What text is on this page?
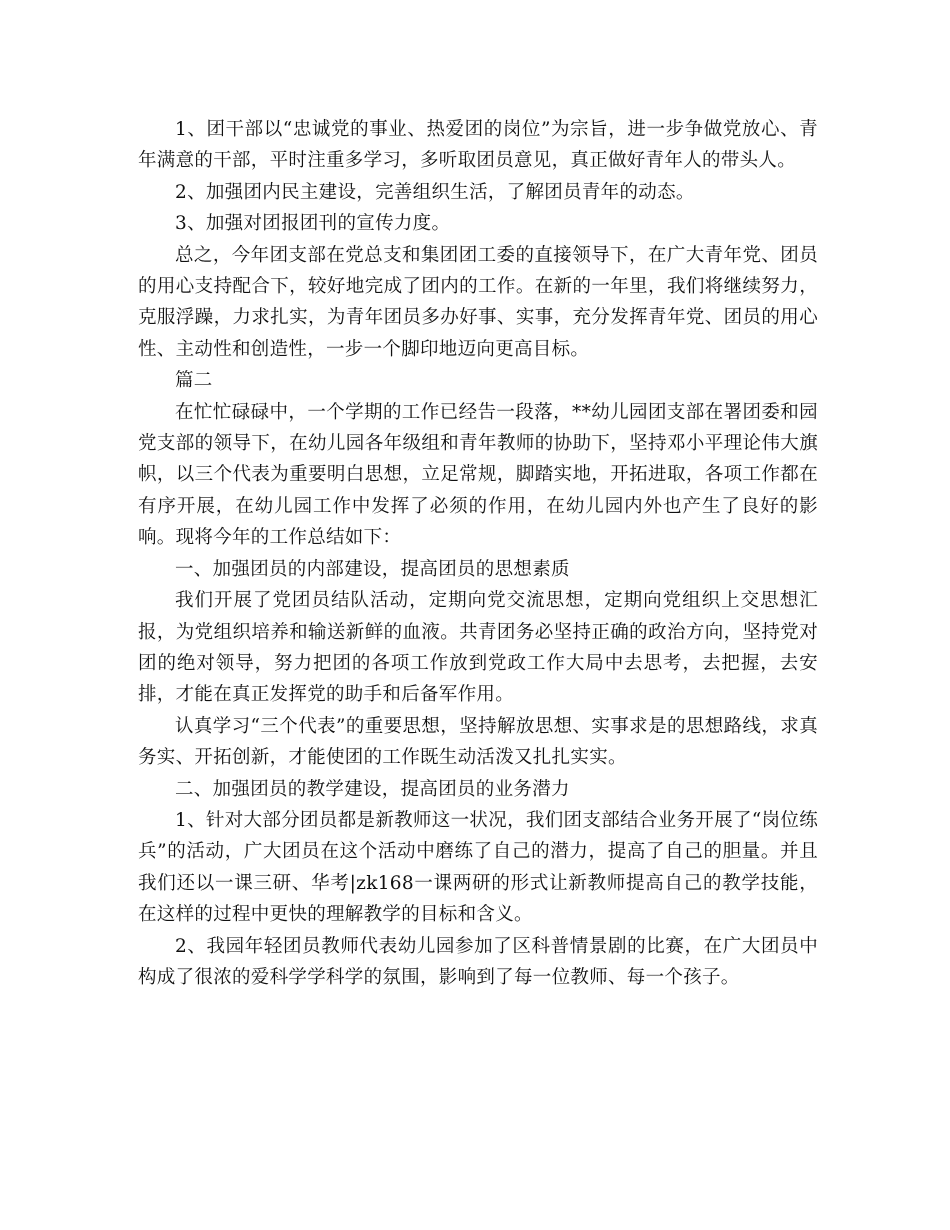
1、团干部以“忠诚党的事业、热爱团的岗位”为宗旨，进一步争做党放心、青年满意的干部，平时注重多学习，多听取团员意见，真正做好青年人的带头人。

2、加强团内民主建设，完善组织生活，了解团员青年的动态。

3、加强对团报团刊的宣传力度。

总之，今年团支部在党总支和集团团工委的直接领导下，在广大青年党、团员的用心支持配合下，较好地完成了团内的工作。在新的一年里，我们将继续努力，克服浮躁，力求扎实，为青年团员多办好事、实事，充分发挥青年党、团员的用心性、主动性和创造性，一步一个脚印地迈向更高目标。

篇二

在忙忙碌碌中，一个学期的工作已经告一段落，**幼儿园团支部在署团委和园党支部的领导下，在幼儿园各年级组和青年教师的协助下，坚持邓小平理论伟大旗帜，以三个代表为重要明白思想，立足常规，脚踏实地，开拓进取，各项工作都在有序开展，在幼儿园工作中发挥了必须的作用，在幼儿园内外也产生了良好的影响。现将今年的工作总结如下：

一、加强团员的内部建设，提高团员的思想素质

我们开展了党团员结队活动，定期向党交流思想，定期向党组织上交思想汇报，为党组织培养和输送新鲜的血液。共青团务必坚持正确的政治方向，坚持党对团的绝对领导，努力把团的各项工作放到党政工作大局中去思考，去把握，去安排，才能在真正发挥党的助手和后备军作用。

认真学习“三个代表”的重要思想，坚持解放思想、实事求是的思想路线，求真务实、开拓创新，才能使团的工作既生动活泼又扎扎实实。

二、加强团员的教学建设，提高团员的业务潜力

1、针对大部分团员都是新教师这一状况，我们团支部结合业务开展了“岗位练兵”的活动，广大团员在这个活动中磨练了自己的潜力，提高了自己的胆量。并且我们还以一课三研、华考|zk168一课两研的形式让新教师提高自己的教学技能，在这样的过程中更快的理解教学的目标和含义。

2、我园年轻团员教师代表幼儿园参加了区科普情景剧的比赛，在广大团员中构成了很浓的爱科学学科学的氛围，影响到了每一位教师、每一个孩子。
